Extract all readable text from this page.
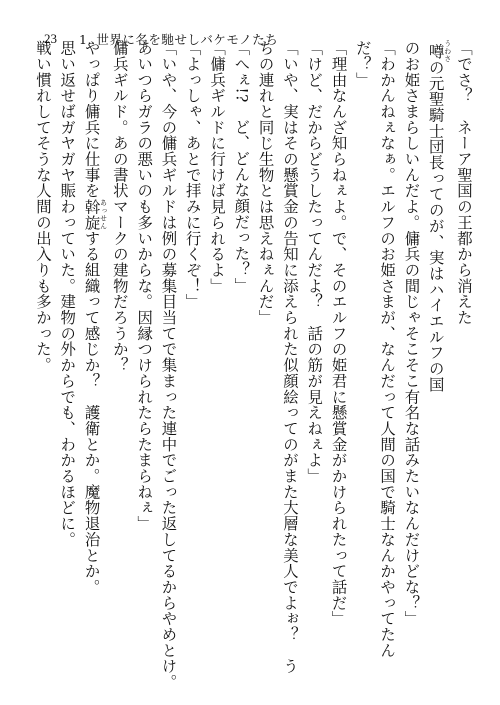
23 1. 世界に名を馳せしバケモノたち
「でさ？　ネーア聖国の王都から消えた
噂 うわさの元聖騎士団長ってのが、実はハイエルフの国
のお姫さまらしいんだよ。傭兵の間じゃそこそこ有名な話みたいなんだけどな？」
「わかんねぇなぁ。エルフのお姫さまが、なんだって人間の国で騎士なんかやってたん
だ？」
「理由なんざ知らねぇよ。で、そのエルフの姫君に懸賞金がかけられたって話だ」
「けど、だからどうしたってんだよ？　話の筋が見えねぇよ」
「いや、実はその懸賞金の告知に添えられた似顔絵ってのがまた大層な美人でよぉ？　う
ちの連れと同じ生物とは思えねぇんだ」
「へぇ!?　ど、どんな顔だった？」
「傭兵ギルドに行けば見られるよ」
「よっしゃ、あとで拝みに行くぞ！」
「いや、今の傭兵ギルドは例の募集目当てで集まった連中でごった返してるからやめとけ。
あいつらガラの悪いのも多いからな。因縁つけられたらたまらねぇ」
傭兵ギルド。あの書状マークの建物だろうか？
やっぱり傭兵に仕事を斡旋 あっせんする組織って感じか？　護衛とか。魔物退治とか。
思い返せばガヤガヤ賑わっていた。建物の外からでも、わかるほどに。
戦い慣れしてそうな人間の出入りも多かった。
